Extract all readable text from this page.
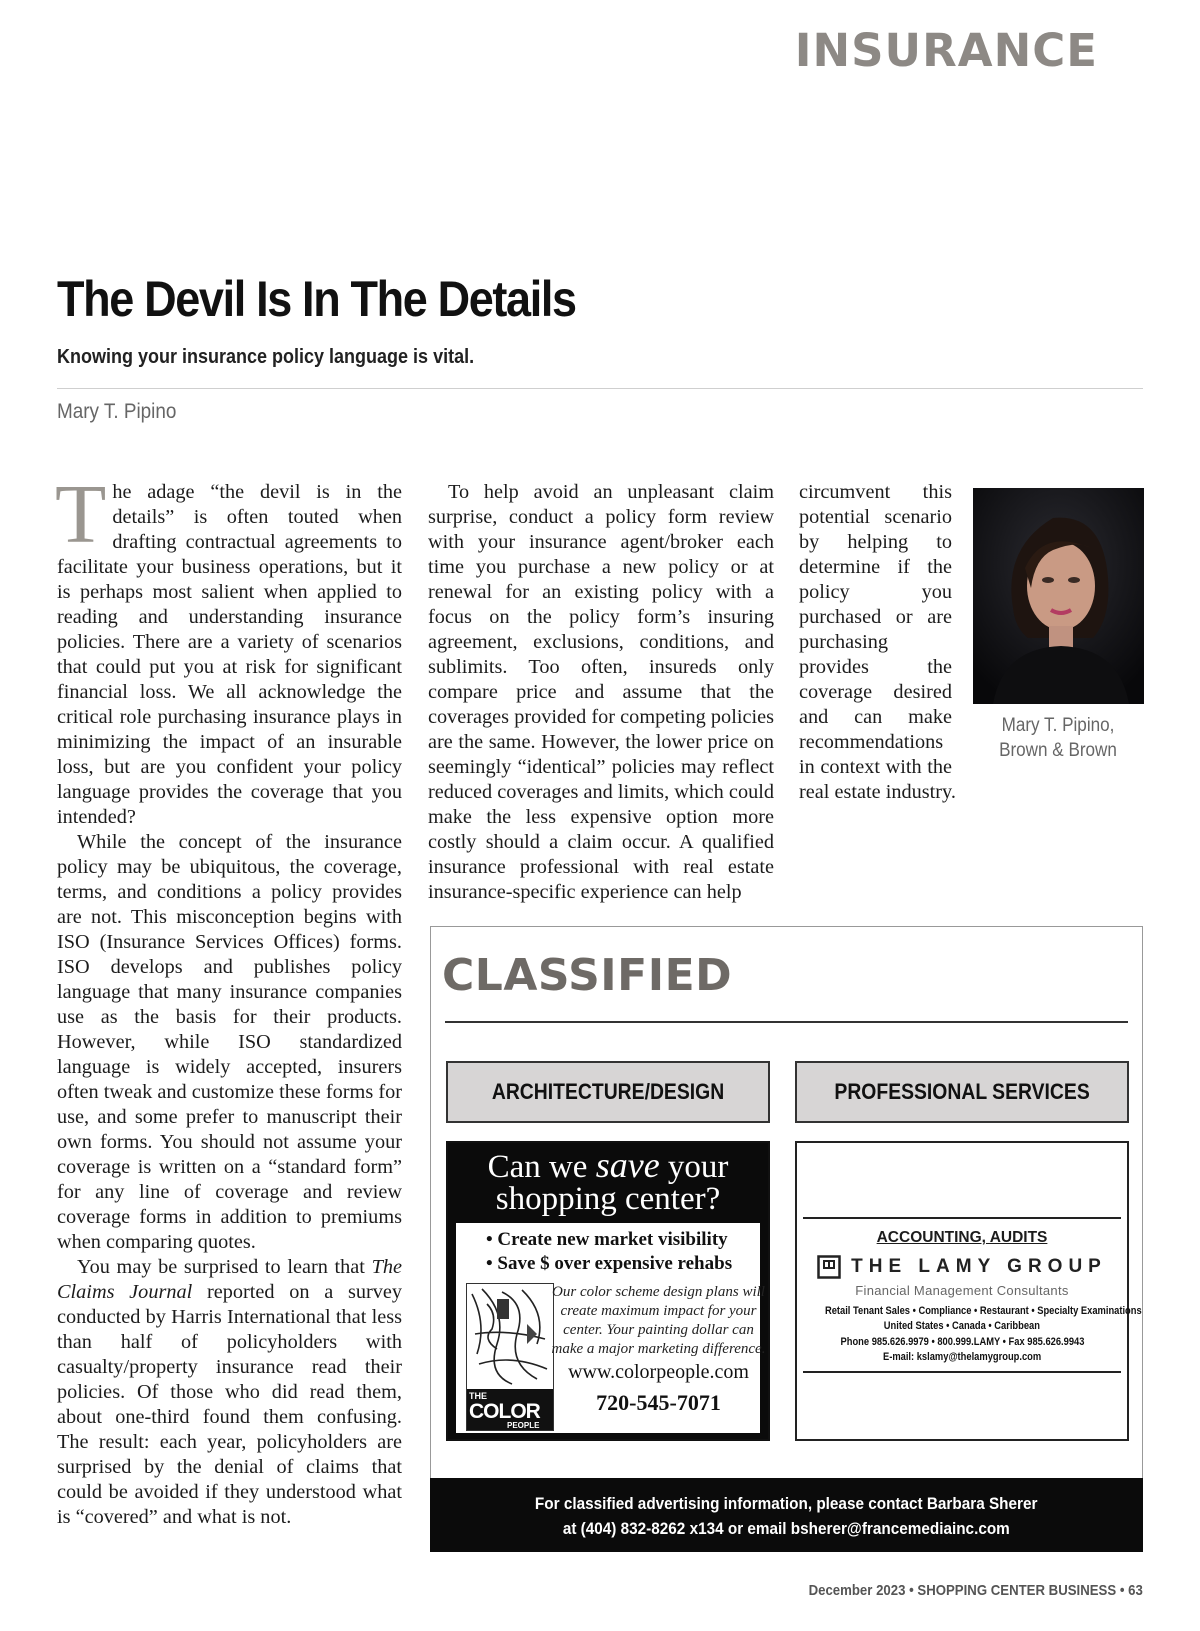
INSURANCE
The Devil Is In The Details
Knowing your insurance policy language is vital.
Mary T. Pipino

The adage “the devil is in the details” is often touted when drafting contractual agreements to facilitate your business operations, but it is perhaps most salient when applied to reading and understanding insurance policies. There are a variety of scenarios that could put you at risk for significant financial loss. We all acknowledge the critical role purchasing insurance plays in minimizing the impact of an insurable loss, but are you confident your policy language provides the coverage that you intended?

While the concept of the insurance policy may be ubiquitous, the coverage, terms, and conditions a policy provides are not. This misconception begins with ISO (Insurance Services Offices) forms. ISO develops and publishes policy language that many insurance companies use as the basis for their products. However, while ISO standardized language is widely accepted, insurers often tweak and customize these forms for use, and some prefer to manuscript their own forms. You should not assume your coverage is written on a “standard form” for any line of coverage and review coverage forms in addition to premiums when comparing quotes.

You may be surprised to learn that The Claims Journal reported on a survey conducted by Harris International that less than half of policyholders with casualty/property insurance read their policies. Of those who did read them, about one-third found them confusing. The result: each year, policyholders are surprised by the denial of claims that could be avoided if they understood what is “covered” and what is not.

To help avoid an unpleasant claim surprise, conduct a policy form review with your insurance agent/broker each time you purchase a new policy or at renewal for an existing policy with a focus on the policy form’s insuring agreement, exclusions, conditions, and sublimits. Too often, insureds only compare price and assume that the coverages provided for competing policies are the same. However, the lower price on seemingly “identical” policies may reflect reduced coverages and limits, which could make the less expensive option more costly should a claim occur. A qualified insurance professional with real estate insurance-specific experience can help

circumvent this potential scenario by helping to determine if the policy you purchased or are purchasing provides the coverage desired and can make recommendations in context with the real estate industry.

Mary T. Pipino,
Brown & Brown
CLASSIFIED
ARCHITECTURE/DESIGN	PROFESSIONAL SERVICES
Can we save your
shopping center?
• Create new market visibility
• Save $ over expensive rehabs
THE
COLOR
PEOPLE
Our color scheme design plans will create maximum impact for your center. Your painting dollar can make a major marketing difference.
www.colorpeople.com
720-545-7071
ACCOUNTING, AUDITS
THE LAMY GROUP
Financial Management Consultants
Retail Tenant Sales • Compliance • Restaurant • Specialty Examinations
United States • Canada • Caribbean
Phone 985.626.9979 • 800.999.LAMY • Fax 985.626.9943
E-mail: kslamy@thelamygroup.com
For classified advertising information, please contact Barbara Sherer
at (404) 832-8262 x134 or email bsherer@francemediainc.com
December 2023 • SHOPPING CENTER BUSINESS • 63
